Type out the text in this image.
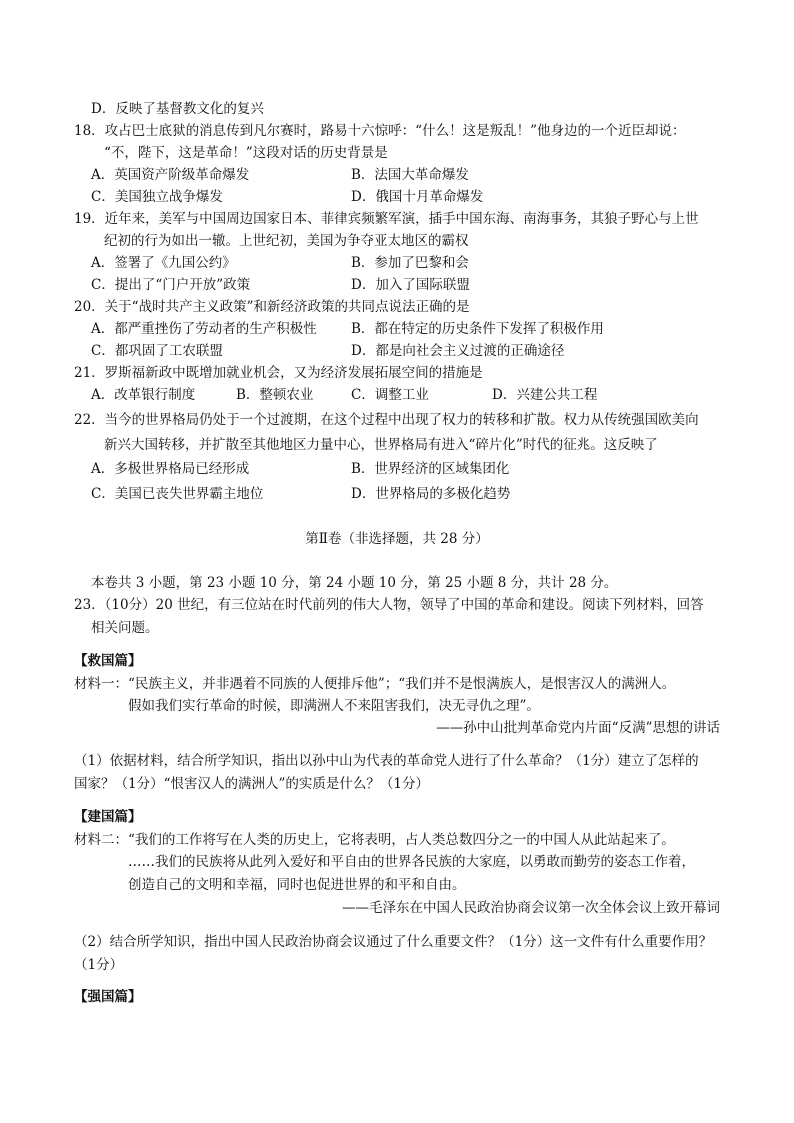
D．反映了基督教文化的复兴
18．攻占巴士底狱的消息传到凡尔赛时，路易十六惊呼：“什么！这是叛乱！”他身边的一个近臣却说：
“不，陛下，这是革命！”这段对话的历史背景是
A．英国资产阶级革命爆发	B．法国大革命爆发
C．美国独立战争爆发	D．俄国十月革命爆发
19．近年来，美军与中国周边国家日本、菲律宾频繁军演，插手中国东海、南海事务，其狼子野心与上世
纪初的行为如出一辙。上世纪初，美国为争夺亚太地区的霸权
A．签署了《九国公约》	B．参加了巴黎和会
C．提出了“门户开放”政策	D．加入了国际联盟
20．关于“战时共产主义政策”和新经济政策的共同点说法正确的是
A．都严重挫伤了劳动者的生产积极性	B．都在特定的历史条件下发挥了积极作用
C．都巩固了工农联盟	D．都是向社会主义过渡的正确途径
21．罗斯福新政中既增加就业机会，又为经济发展拓展空间的措施是
A．改革银行制度	B．整顿农业	C．调整工业	D．兴建公共工程
22．当今的世界格局仍处于一个过渡期，在这个过程中出现了权力的转移和扩散。权力从传统强国欧美向
新兴大国转移，并扩散至其他地区力量中心，世界格局有进入“碎片化”时代的征兆。这反映了
A．多极世界格局已经形成	B．世界经济的区域集团化
C．美国已丧失世界霸主地位	D．世界格局的多极化趋势
第Ⅱ卷（非选择题，共 28 分）
本卷共 3 小题，第 23 小题 10 分，第 24 小题 10 分，第 25 小题 8 分，共计 28 分。
23．（10分）20 世纪，有三位站在时代前列的伟大人物，领导了中国的革命和建设。阅读下列材料，回答
相关问题。
【救国篇】
材料一：“民族主义，并非遇着不同族的人便排斥他”；“我们并不是恨满族人，是恨害汉人的满洲人。
假如我们实行革命的时候，即满洲人不来阻害我们，决无寻仇之理”。
——孙中山批判革命党内片面“反满”思想的讲话
（1）依据材料，结合所学知识，指出以孙中山为代表的革命党人进行了什么革命？（1分）建立了怎样的
国家？（1分）“恨害汉人的满洲人”的实质是什么？（1分）
【建国篇】
材料二：“我们的工作将写在人类的历史上，它将表明，占人类总数四分之一的中国人从此站起来了。
……我们的民族将从此列入爱好和平自由的世界各民族的大家庭，以勇敢而勤劳的姿态工作着，
创造自己的文明和幸福，同时也促进世界的和平和自由。
——毛泽东在中国人民政治协商会议第一次全体会议上致开幕词
（2）结合所学知识，指出中国人民政治协商会议通过了什么重要文件？（1分）这一文件有什么重要作用？
（1分）
【强国篇】
